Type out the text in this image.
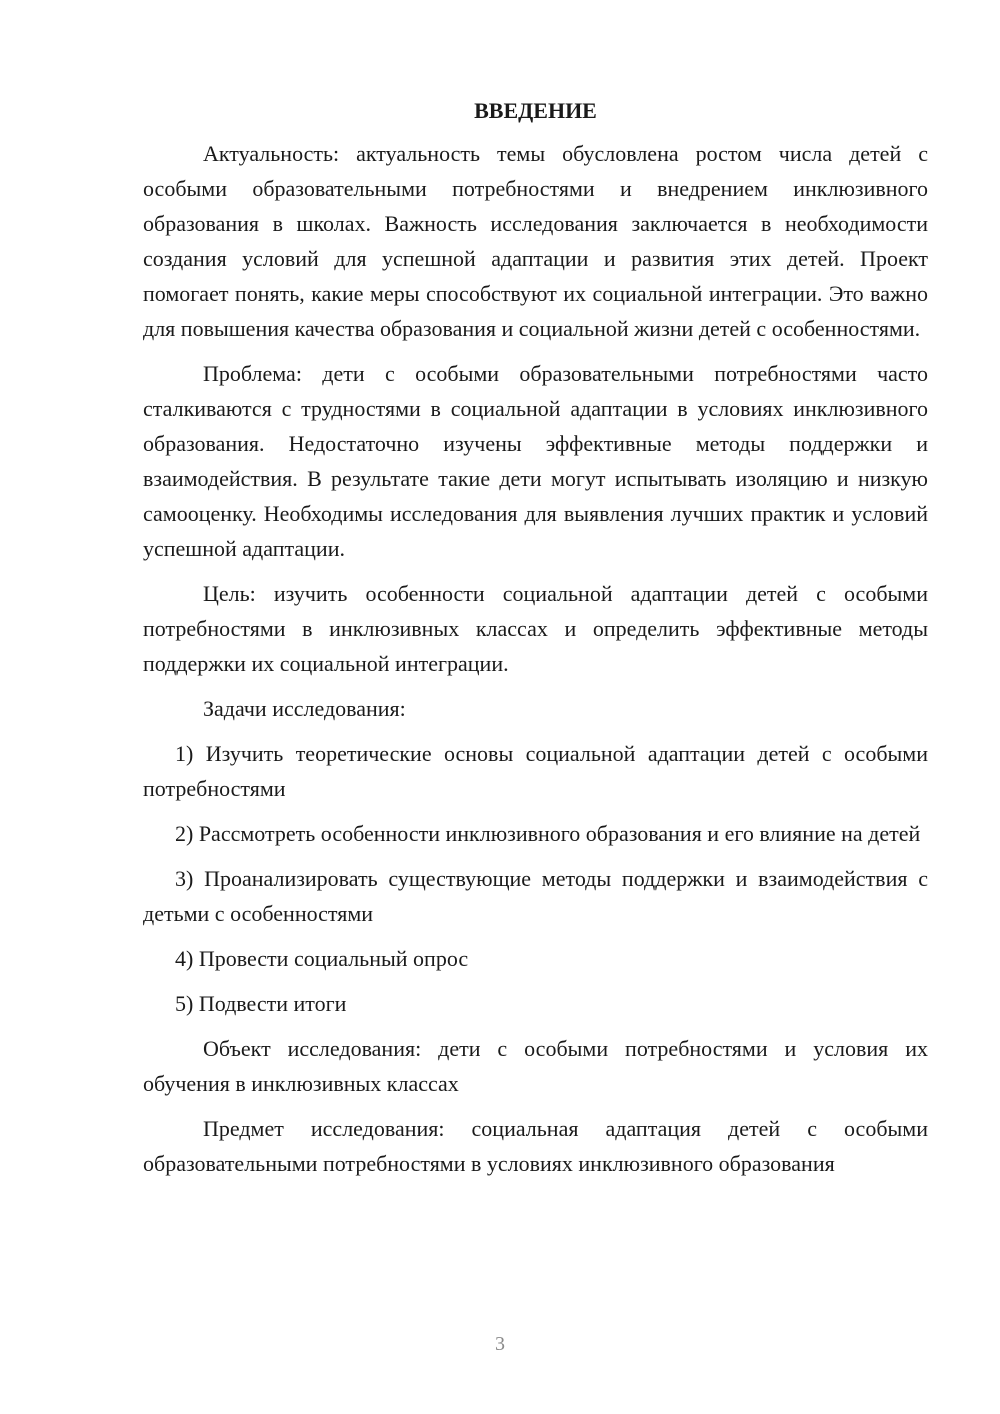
ВВЕДЕНИЕ

Актуальность: актуальность темы обусловлена ростом числа детей с особыми образовательными потребностями и внедрением инклюзивного образования в школах. Важность исследования заключается в необходимости создания условий для успешной адаптации и развития этих детей. Проект помогает понять, какие меры способствуют их социальной интеграции. Это важно для повышения качества образования и социальной жизни детей с особенностями.

Проблема: дети с особыми образовательными потребностями часто сталкиваются с трудностями в социальной адаптации в условиях инклюзивного образования. Недостаточно изучены эффективные методы поддержки и взаимодействия. В результате такие дети могут испытывать изоляцию и низкую самооценку. Необходимы исследования для выявления лучших практик и условий успешной адаптации.

Цель: изучить особенности социальной адаптации детей с особыми потребностями в инклюзивных классах и определить эффективные методы поддержки их социальной интеграции.

Задачи исследования:

1) Изучить теоретические основы социальной адаптации детей с особыми потребностями

2) Рассмотреть особенности инклюзивного образования и его влияние на детей

3) Проанализировать существующие методы поддержки и взаимодействия с детьми с особенностями

4) Провести социальный опрос

5) Подвести итоги

Объект исследования: дети с особыми потребностями и условия их обучения в инклюзивных классах

Предмет исследования: социальная адаптация детей с особыми образовательными потребностями в условиях инклюзивного образования

3
